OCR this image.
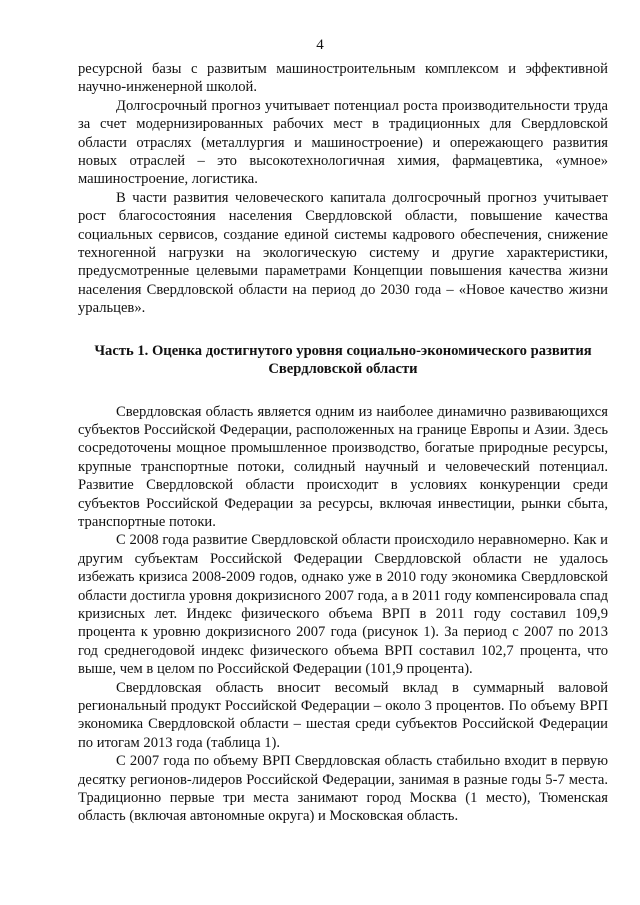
4

ресурсной базы с развитым машиностроительным комплексом и эффективной научно-инженерной школой.

Долгосрочный прогноз учитывает потенциал роста производительности труда за счет модернизированных рабочих мест в традиционных для Свердловской области отраслях (металлургия и машиностроение) и опережающего развития новых отраслей – это высокотехнологичная химия, фармацевтика, «умное» машиностроение, логистика.

В части развития человеческого капитала долгосрочный прогноз учитывает рост благосостояния населения Свердловской области, повышение качества социальных сервисов, создание единой системы кадрового обеспечения, снижение техногенной нагрузки на экологическую систему и другие характеристики, предусмотренные целевыми параметрами Концепции повышения качества жизни населения Свердловской области на период до 2030 года – «Новое качество жизни уральцев».

Часть 1. Оценка достигнутого уровня социально-экономического развития
Свердловской области

Свердловская область является одним из наиболее динамично развивающихся субъектов Российской Федерации, расположенных на границе Европы и Азии. Здесь сосредоточены мощное промышленное производство, богатые природные ресурсы, крупные транспортные потоки, солидный научный и человеческий потенциал. Развитие Свердловской области происходит в условиях конкуренции среди субъектов Российской Федерации за ресурсы, включая инвестиции, рынки сбыта, транспортные потоки.

С 2008 года развитие Свердловской области происходило неравномерно. Как и другим субъектам Российской Федерации Свердловской области не удалось избежать кризиса 2008-2009 годов, однако уже в 2010 году экономика Свердловской области достигла уровня докризисного 2007 года, а в 2011 году компенсировала спад кризисных лет. Индекс физического объема ВРП в 2011 году составил 109,9 процента к уровню докризисного 2007 года (рисунок 1). За период с 2007 по 2013 год среднегодовой индекс физического объема ВРП составил 102,7 процента, что выше, чем в целом по Российской Федерации (101,9 процента).

Свердловская область вносит весомый вклад в суммарный валовой региональный продукт Российской Федерации – около 3 процентов. По объему ВРП экономика Свердловской области – шестая среди субъектов Российской Федерации по итогам 2013 года (таблица 1).

С 2007 года по объему ВРП Свердловская область стабильно входит в первую десятку регионов-лидеров Российской Федерации, занимая в разные годы 5-7 места. Традиционно первые три места занимают город Москва (1 место), Тюменская область (включая автономные округа) и Московская область.
